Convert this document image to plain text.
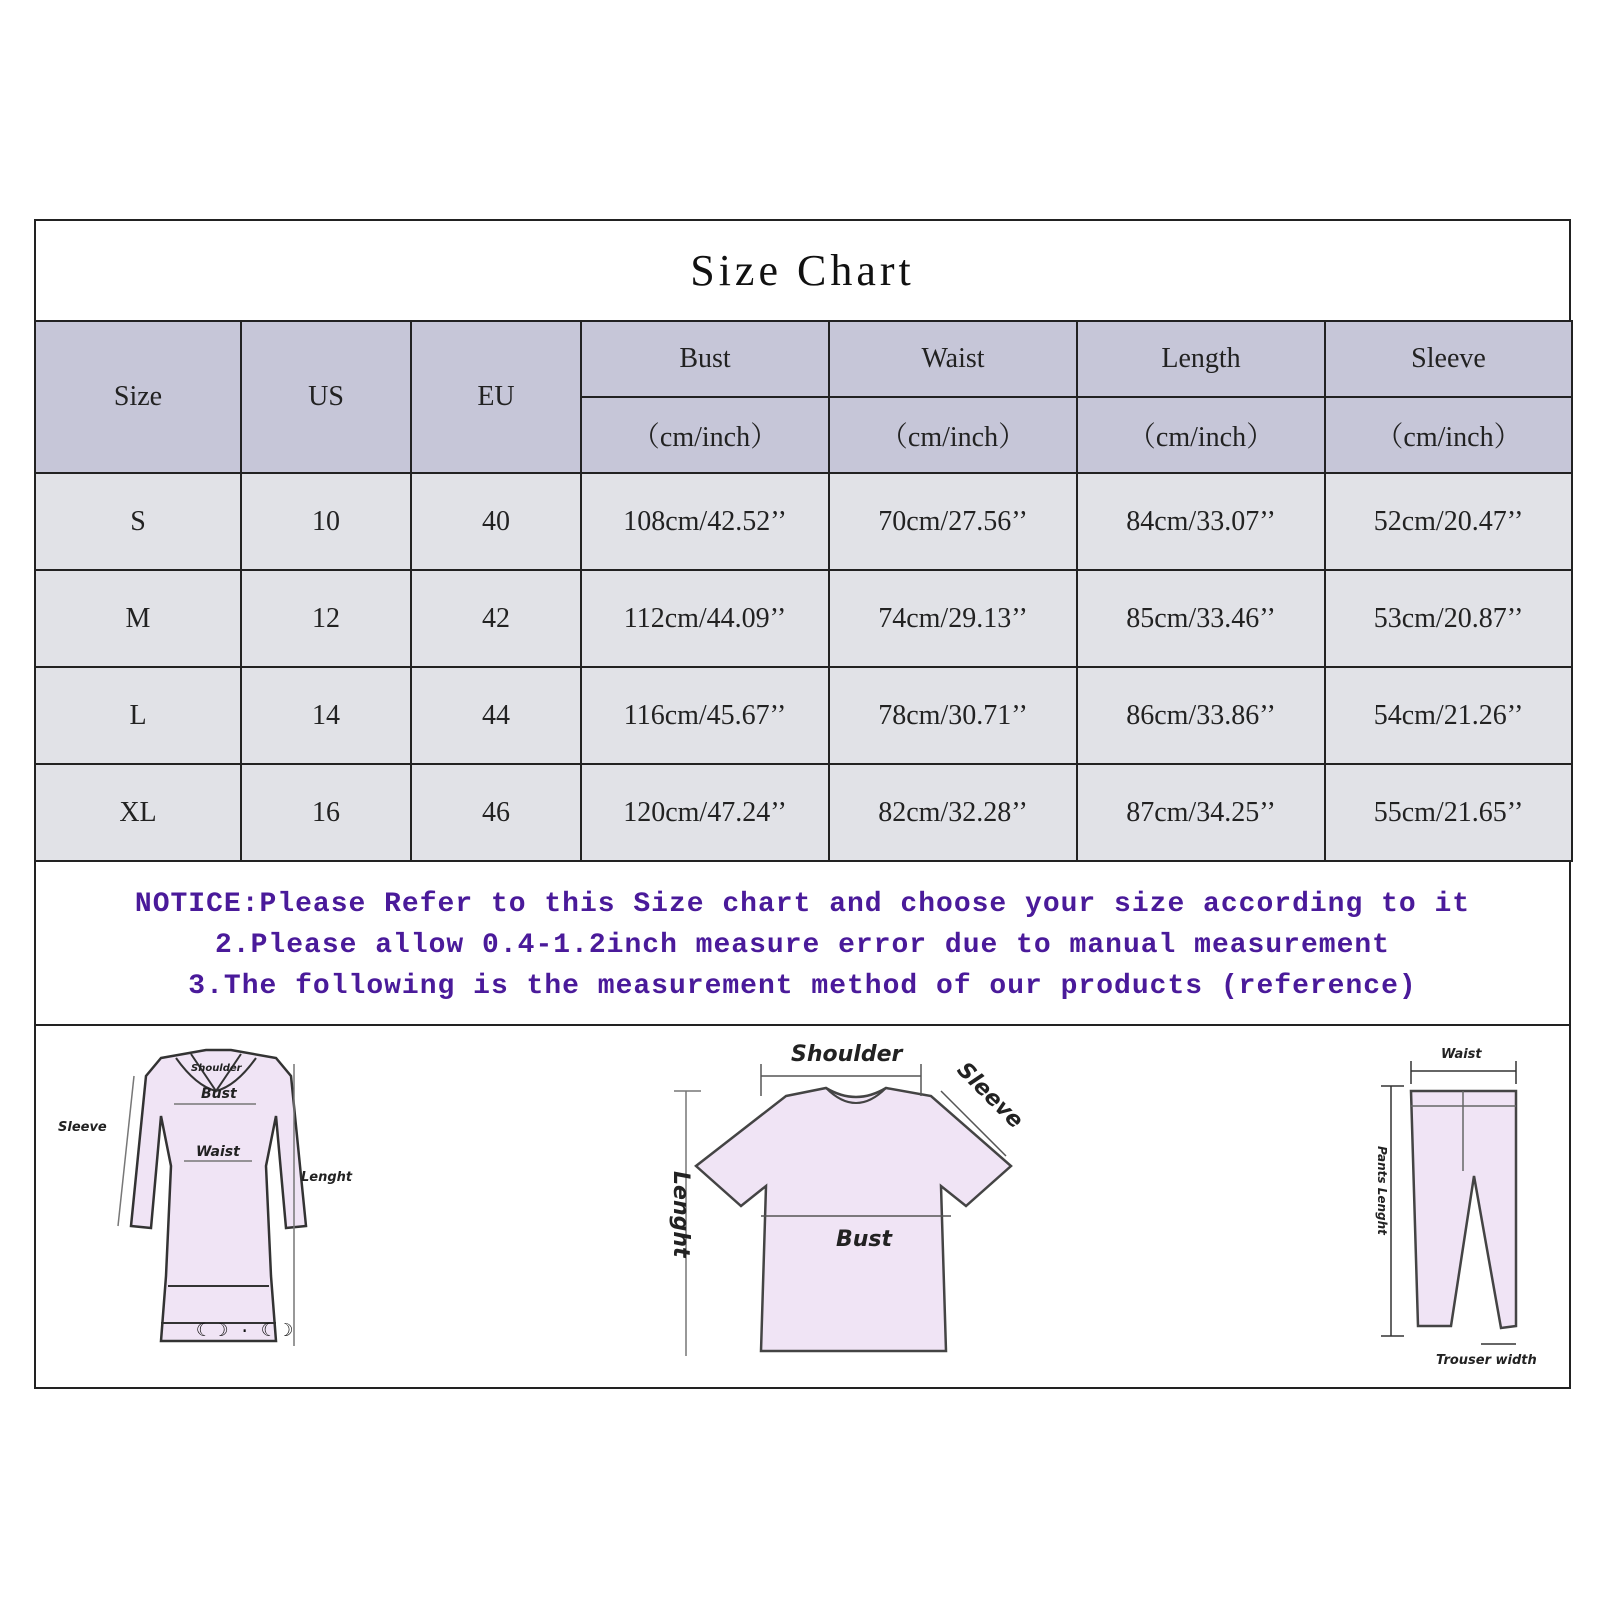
Size Chart
Size	US	EU	Bust	Waist	Length	Sleeve
			（cm/inch）	（cm/inch）	（cm/inch）	（cm/inch）
S	10	40	108cm/42.52’’	70cm/27.56’’	84cm/33.07’’	52cm/20.47’’
M	12	42	112cm/44.09’’	74cm/29.13’’	85cm/33.46’’	53cm/20.87’’
L	14	44	116cm/45.67’’	78cm/30.71’’	86cm/33.86’’	54cm/21.26’’
XL	16	46	120cm/47.24’’	82cm/32.28’’	87cm/34.25’’	55cm/21.65’’
NOTICE:Please Refer to this Size chart and choose your size according to it
2.Please allow 0.4-1.2inch measure error due to manual measurement
3.The following is the measurement method of our products (reference)
☾ ☽ · ☾ ☽
Shoulder
Bust
Waist
Sleeve
Lenght
Shoulder
Bust
Sleeve
Lenght
Waist
Pants Lenght
Trouser width
